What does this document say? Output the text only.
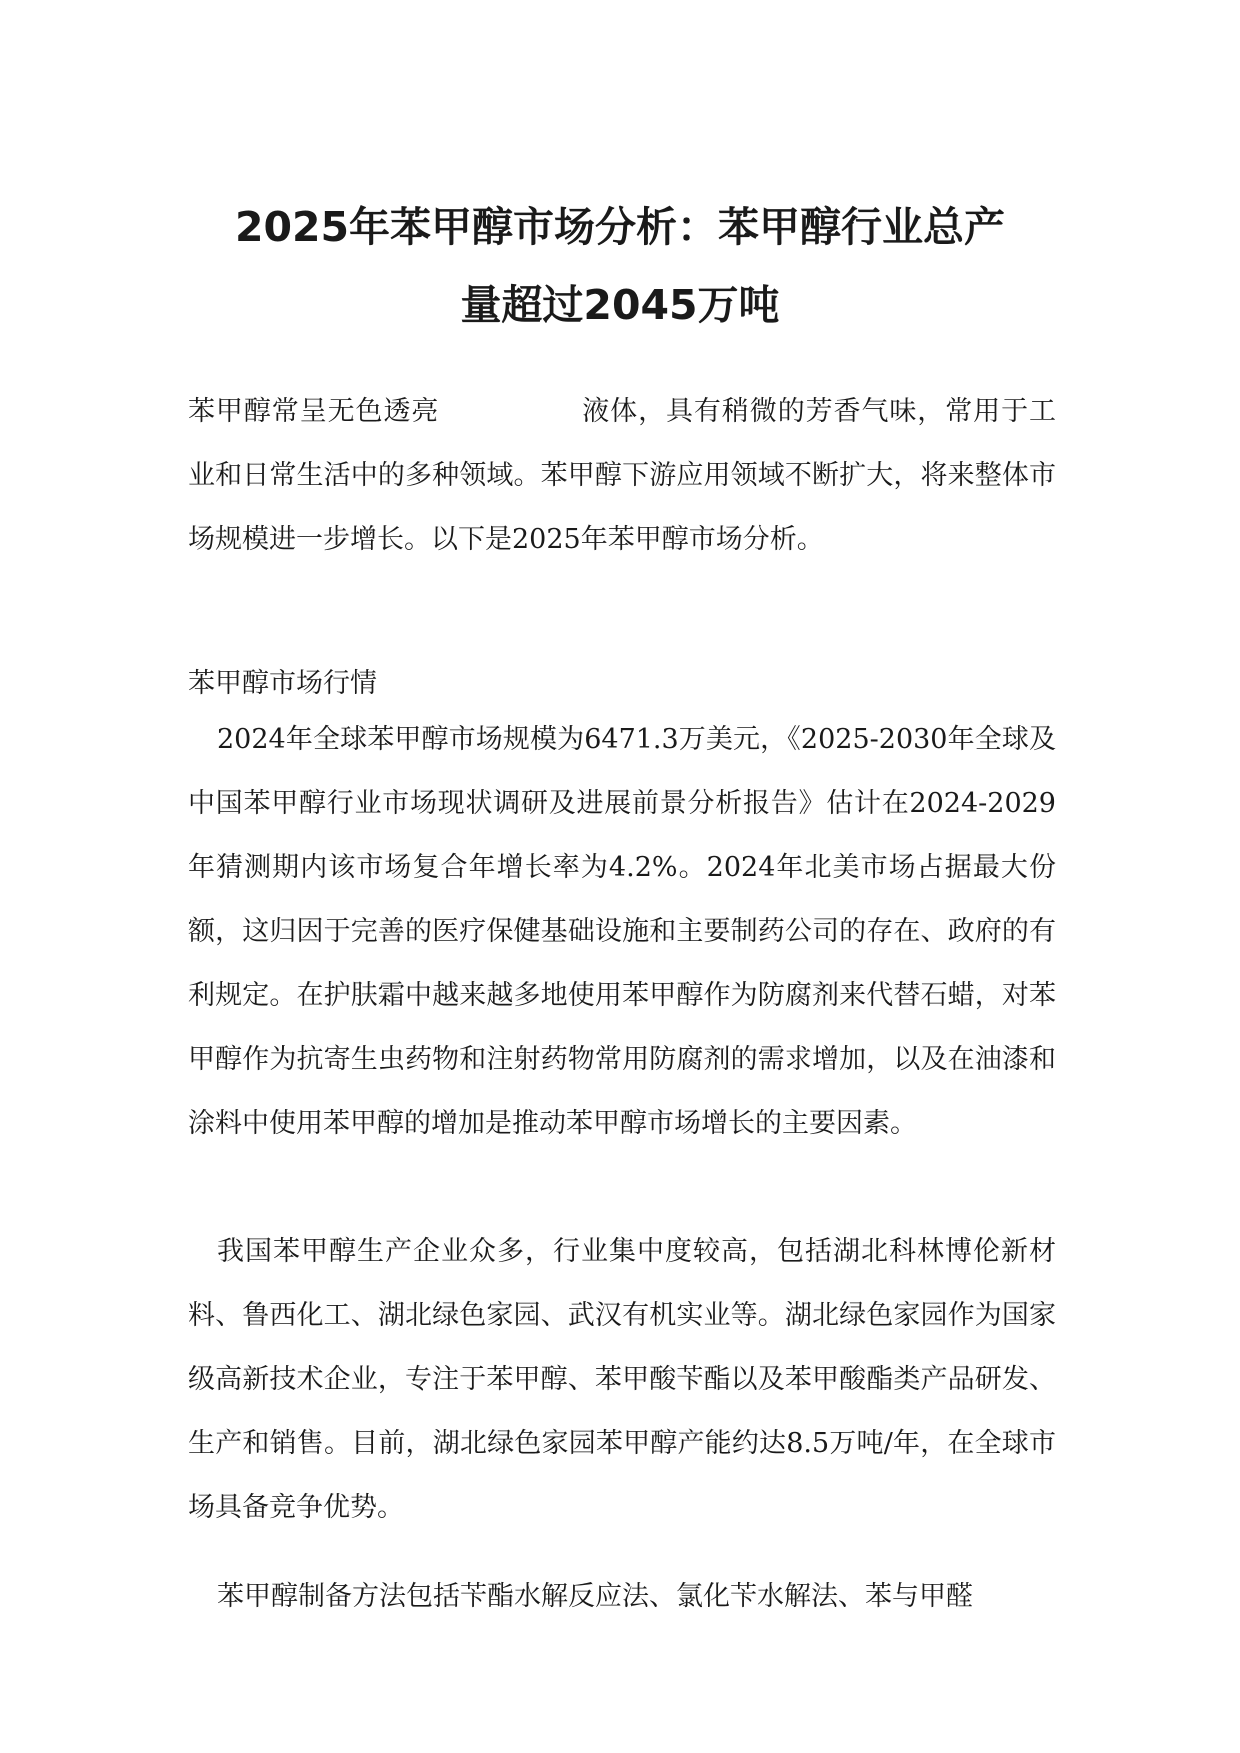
2025年苯甲醇市场分析：苯甲醇行业总产
量超过2045万吨

苯甲醇常呈无色透亮	液体，具有稍微的芳香气味，常用于工业和日常生活中的多种领域。苯甲醇下游应用领域不断扩大，将来整体市场规模进一步增长。以下是2025年苯甲醇市场分析。

苯甲醇市场行情

2024年全球苯甲醇市场规模为6471.3万美元，《2025-2030年全球及中国苯甲醇行业市场现状调研及进展前景分析报告》估计在2024-2029年猜测期内该市场复合年增长率为4.2%。2024年北美市场占据最大份额，这归因于完善的医疗保健基础设施和主要制药公司的存在、政府的有利规定。在护肤霜中越来越多地使用苯甲醇作为防腐剂来代替石蜡，对苯甲醇作为抗寄生虫药物和注射药物常用防腐剂的需求增加，以及在油漆和涂料中使用苯甲醇的增加是推动苯甲醇市场增长的主要因素。

我国苯甲醇生产企业众多，行业集中度较高，包括湖北科林博伦新材料、鲁西化工、湖北绿色家园、武汉有机实业等。湖北绿色家园作为国家级高新技术企业，专注于苯甲醇、苯甲酸苄酯以及苯甲酸酯类产品研发、生产和销售。目前，湖北绿色家园苯甲醇产能约达8.5万吨/年，在全球市场具备竞争优势。

苯甲醇制备方法包括苄酯水解反应法、氯化苄水解法、苯与甲醛
